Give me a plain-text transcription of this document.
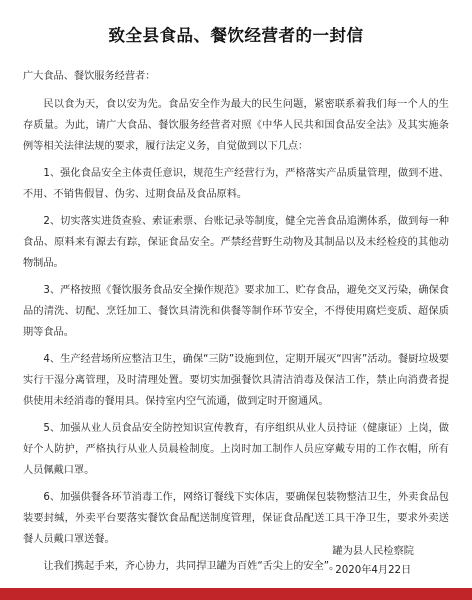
致全县食品、餐饮经营者的一封信
广大食品、餐饮服务经营者：

民以食为天，食以安为先。食品安全作为最大的民生问题，紧密联系着我们每一个人的生存质量。为此，请广大食品、餐饮服务经营者对照《中华人民共和国食品安全法》及其实施条例等相关法律法规的要求，履行法定义务，自觉做到以下几点：

1、强化食品安全主体责任意识，规范生产经营行为，严格落实产品质量管理，做到不进、不用、不销售假冒、伪劣、过期食品及食品原料。

2、切实落实进货查验、索证索票、台账记录等制度，健全完善食品追溯体系，做到每一种食品、原料来有源去有踪，保证食品安全。严禁经营野生动物及其制品以及未经检疫的其他动物制品。

3、严格按照《餐饮服务食品安全操作规范》要求加工、贮存食品，避免交叉污染，确保食品的清洗、切配、烹饪加工、餐饮具清洗和供餐等制作环节安全，不得使用腐烂变质、超保质期等食品。

4、生产经营场所应整洁卫生，确保“三防”设施到位，定期开展灭“四害”活动。餐厨垃圾要实行干湿分离管理，及时清理处置。要切实加强餐饮具清洁消毒及保洁工作，禁止向消费者提供使用未经消毒的餐用具。保持室内空气流通，做到定时开窗通风。

5、加强从业人员食品安全防控知识宣传教育，有序组织从业人员持证（健康证）上岗，做好个人防护，严格执行从业人员晨检制度。上岗时加工制作人员应穿戴专用的工作衣帽，所有人员佩戴口罩。

6、加强供餐各环节消毒工作，网络订餐线下实体店，要确保包装物整洁卫生，外卖食品包装要封缄，外卖平台要落实餐饮食品配送制度管理，保证食品配送工具干净卫生，要求外卖送餐人员戴口罩送餐。

让我们携起手来，齐心协力，共同捍卫罐为百姓“舌尖上的安全”。

罐为县人民检察院
2020年4月22日
